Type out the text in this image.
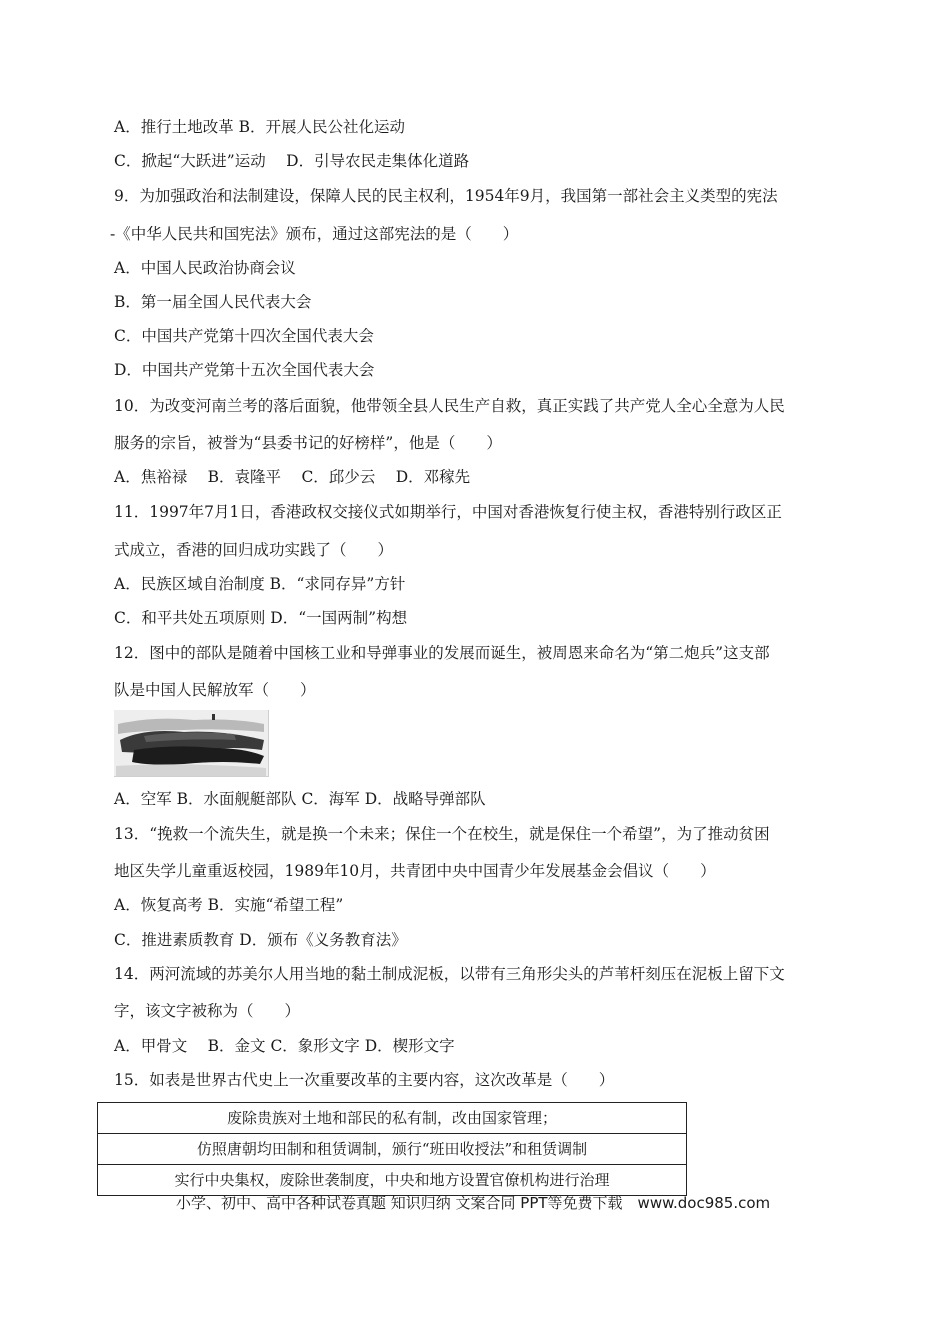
A．推行土地改革 B．开展人民公社化运动
C．掀起“大跃进”运动　 D．引导农民走集体化道路
9．为加强政治和法制建设，保障人民的民主权利，1954年9月，我国第一部社会主义类型的宪法
-《中华人民共和国宪法》颁布，通过这部宪法的是（　　）
A．中国人民政治协商会议
B．第一届全国人民代表大会
C．中国共产党第十四次全国代表大会
D．中国共产党第十五次全国代表大会
10．为改变河南兰考的落后面貌，他带领全县人民生产自救，真正实践了共产党人全心全意为人民
服务的宗旨，被誉为“县委书记的好榜样”，他是（　　）
A．焦裕禄　 B．袁隆平　 C．邱少云　 D．邓稼先
11．1997年7月1日，香港政权交接仪式如期举行，中国对香港恢复行使主权，香港特别行政区正
式成立，香港的回归成功实践了（　　）
A．民族区域自治制度 B．“求同存异”方针
C．和平共处五项原则 D．“一国两制”构想
12．图中的部队是随着中国核工业和导弹事业的发展而诞生，被周恩来命名为“第二炮兵”这支部
队是中国人民解放军（　　）
A．空军 B．水面舰艇部队 C．海军 D．战略导弹部队
13．“挽救一个流失生，就是换一个未来；保住一个在校生，就是保住一个希望”，为了推动贫困
地区失学儿童重返校园，1989年10月，共青团中央中国青少年发展基金会倡议（　　）
A．恢复高考 B．实施“希望工程”
C．推进素质教育 D．颁布《义务教育法》
14．两河流域的苏美尔人用当地的黏土制成泥板，以带有三角形尖头的芦苇杆刻压在泥板上留下文
字，该文字被称为（　　）
A．甲骨文　 B．金文 C．象形文字 D．楔形文字
15．如表是世界古代史上一次重要改革的主要内容，这次改革是（　　）
废除贵族对土地和部民的私有制，改由国家管理；
仿照唐朝均田制和租赁调制，颁行“班田收授法”和租赁调制
实行中央集权，废除世袭制度，中央和地方设置官僚机构进行治理
小学、初中、高中各种试卷真题 知识归纳 文案合同 PPT等免费下载　www.doc985.com
